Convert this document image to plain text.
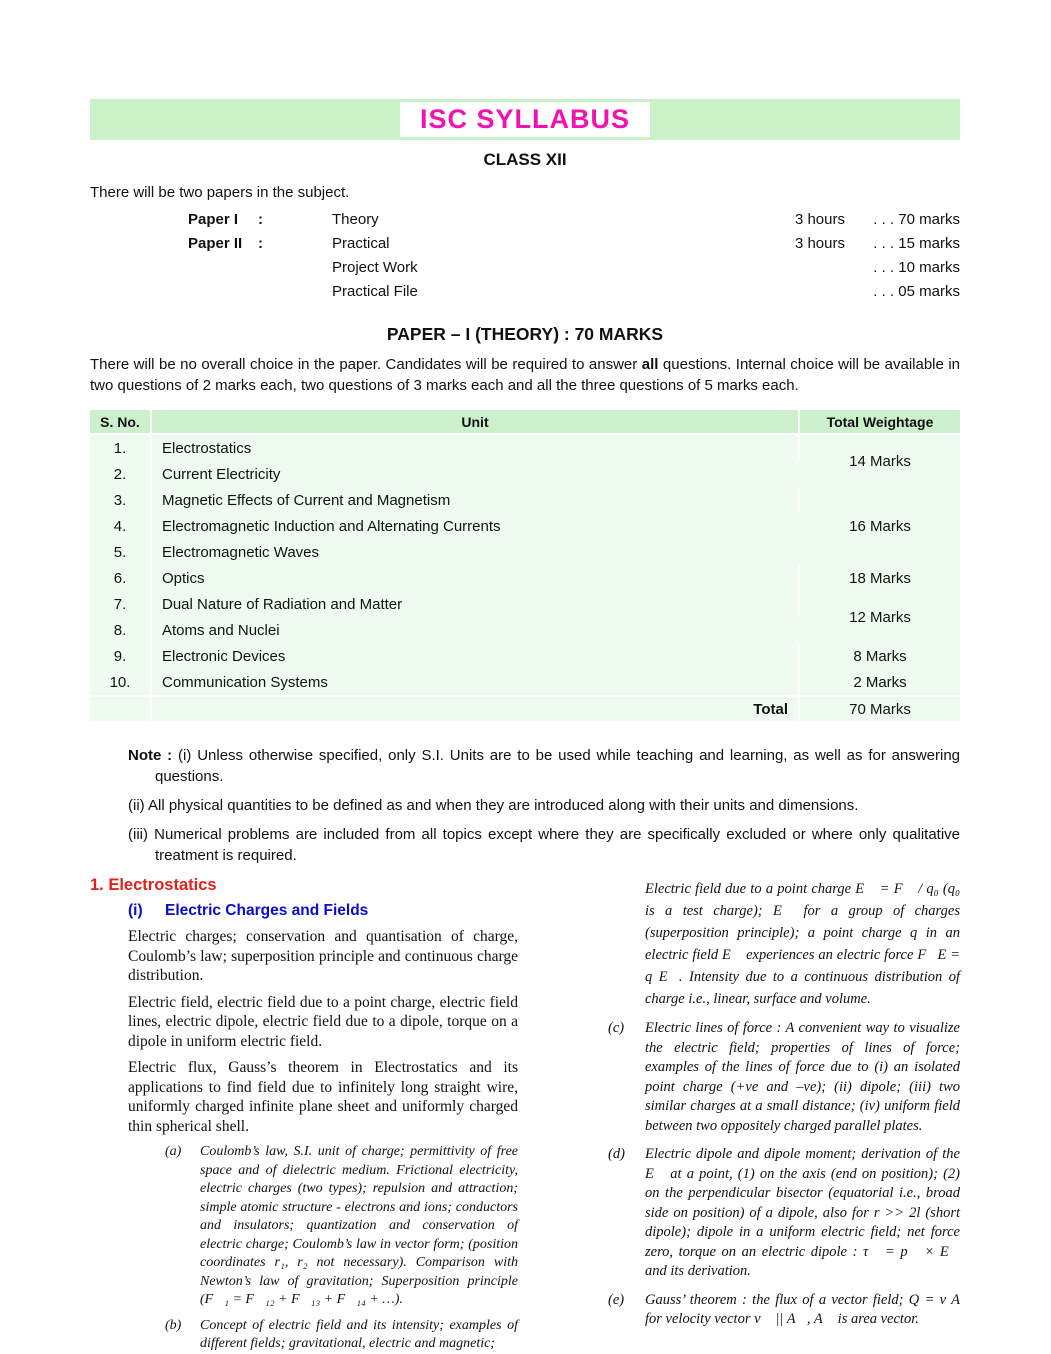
ISC SYLLABUS
CLASS XII

There will be two papers in the subject.

Paper I	:	Theory	3 hours	. . . 70 marks
Paper II	:	Practical	3 hours	. . . 15 marks
Project Work	. . . 10 marks
Practical File	. . . 05 marks
PAPER – I (THEORY) : 70 MARKS

There will be no overall choice in the paper. Candidates will be required to answer all questions. Internal choice will be available in two questions of 2 marks each, two questions of 3 marks each and all the three questions of 5 marks each.

S. No.	Unit	Total Weightage
1.	Electrostatics	14 Marks
2.	Current Electricity	
3.	Magnetic Effects of Current and Magnetism	16 Marks
4.	Electromagnetic Induction and Alternating Currents	
5.	Electromagnetic Waves	
6.	Optics	18 Marks
7.	Dual Nature of Radiation and Matter	12 Marks
8.	Atoms and Nuclei	
9.	Electronic Devices	8 Marks
10.	Communication Systems	2 Marks
	Total	70 Marks

Note : (i) Unless otherwise specified, only S.I. Units are to be used while teaching and learning, as well as for answering questions.

(ii) All physical quantities to be defined as and when they are introduced along with their units and dimensions.

(iii) Numerical problems are included from all topics except where they are specifically excluded or where only qualitative treatment is required.

1. Electrostatics
(i)	Electric Charges and Fields

Electric charges; conservation and quantisation of charge, Coulomb’s law; superposition principle and continuous charge distribution.

Electric field, electric field due to a point charge, electric field lines, electric dipole, electric field due to a dipole, torque on a dipole in uniform electric field.

Electric flux, Gauss’s theorem in Electrostatics and its applications to find field due to infinitely long straight wire, uniformly charged infinite plane sheet and uniformly charged thin spherical shell.

(a)	Coulomb’s law, S.I. unit of charge; permittivity of free space and of dielectric medium. Frictional electricity, electric charges (two types); repulsion and attraction; simple atomic structure - electrons and ions; conductors and insulators; quantization and conservation of electric charge; Coulomb’s law in vector form; (position coordinates r₁, r₂ not necessary). Comparison with Newton’s law of gravitation; Superposition principle (F⃗₁ = F⃗₁₂ + F⃗₁₃ + F⃗₁₄ + …).

(b)	Concept of electric field and its intensity; examples of different fields; gravitational, electric and magnetic;

Electric field due to a point charge E⃗ = F⃗ / q₀ (q₀ is a test charge); E⃗ for a group of charges (superposition principle); a point charge q in an electric field E⃗ experiences an electric force F⃗E = q E⃗. Intensity due to a continuous distribution of charge i.e., linear, surface and volume.

(c)	Electric lines of force : A convenient way to visualize the electric field; properties of lines of force; examples of the lines of force due to (i) an isolated point charge (+ve and –ve); (ii) dipole; (iii) two similar charges at a small distance; (iv) uniform field between two oppositely charged parallel plates.

(d)	Electric dipole and dipole moment; derivation of the E⃗ at a point, (1) on the axis (end on position); (2) on the perpendicular bisector (equatorial i.e., broad side on position) of a dipole, also for r >> 2l (short dipole); dipole in a uniform electric field; net force zero, torque on an electric dipole : τ⃗ = p⃗ × E⃗ and its derivation.

(e)	Gauss’ theorem : the flux of a vector field; Q = v A for velocity vector v⃗ || A⃗, A⃗ is area vector.
